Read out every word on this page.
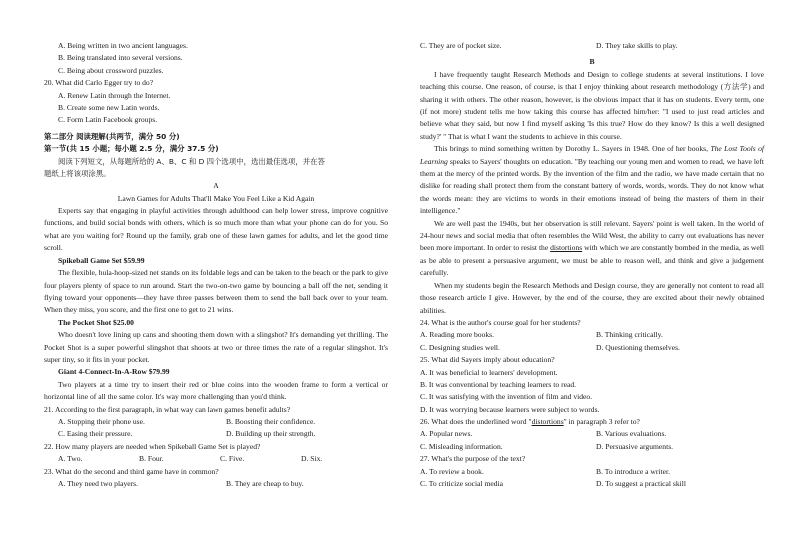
A. Being written in two ancient languages.
B. Being translated into several versions.
C. Being about crossword puzzles.
20. What did Carlo Egger try to do?
A. Renew Latin through the Internet.
B. Create some new Latin words.
C. Form Latin Facebook groups.
第二部分 阅读理解(共两节，满分 50 分)
第一节(共 15 小题；每小题 2.5 分，满分 37.5 分)
阅读下列短文，从每题所给的 A、B、C 和 D 四个选项中，选出最佳选项，并在答
题纸上将该项涂黑。
A
Lawn Games for Adults That'll Make You Feel Like a Kid Again
Experts say that engaging in playful activities through adulthood can help lower stress, improve cognitive functions, and build social bonds with others, which is so much more than what your phone can do for you. So what are you waiting for? Round up the family, grab one of these lawn games for adults, and let the good time scroll.
Spikeball Game Set $59.99
The flexible, hula-hoop-sized net stands on its foldable legs and can be taken to the beach or the park to give four players plenty of space to run around. Start the two-on-two game by bouncing a ball off the net, sending it flying toward your opponents—they have three passes between them to send the ball back over to your team. When they miss, you score, and the first one to get to 21 wins.
The Pocket Shot $25.00
Who doesn't love lining up cans and shooting them down with a slingshot? It's demanding yet thrilling. The Pocket Shot is a super powerful slingshot that shoots at two or three times the rate of a regular slingshot. It's super tiny, so it fits in your pocket.
Giant 4-Connect-In-A-Row $79.99
Two players at a time try to insert their red or blue coins into the wooden frame to form a vertical or horizontal line of all the same color. It's way more challenging than you'd think.
21. According to the first paragraph, in what way can lawn games benefit adults?
A. Stopping their phone use.	B. Boosting their confidence.
C. Easing their pressure.	D. Building up their strength.
22. How many players are needed when Spikeball Game Set is played?
A. Two.	B. Four.	C. Five.	D. Six.
23. What do the second and third game have in common?
A. They need two players.	B. They are cheap to buy.
C. They are of pocket size.	D. They take skills to play.
B
I have frequently taught Research Methods and Design to college students at several institutions. I love teaching this course. One reason, of course, is that I enjoy thinking about research methodology (方法学) and sharing it with others. The other reason, however, is the obvious impact that it has on students. Every term, one (if not more) student tells me how taking this course has affected him/her: "I used to just read articles and believe what they said, but now I find myself asking 'Is this true? How do they know? Is this a well designed study?' " That is what I want the students to achieve in this course.
This brings to mind something written by Dorothy L. Sayers in 1948. One of her books, The Lost Tools of Learning speaks to Sayers' thoughts on education. "By teaching our young men and women to read, we have left them at the mercy of the printed words. By the invention of the film and the radio, we have made certain that no dislike for reading shall protect them from the constant battery of words, words, words. They do not know what the words mean: they are victims to words in their emotions instead of being the masters of them in their intelligence."
We are well past the 1940s, but her observation is still relevant. Sayers' point is well taken. In the world of 24-hour news and social media that often resembles the Wild West, the ability to carry out evaluations has never been more important. In order to resist the distortions with which we are constantly bombed in the media, as well as be able to present a persuasive argument, we must be able to reason well, and think and give a judgement carefully.
When my students begin the Research Methods and Design course, they are generally not content to read all those research article I give. However, by the end of the course, they are excited about their newly obtained abilities.
24. What is the author's course goal for her students?
A. Reading more books.	B. Thinking critically.
C. Designing studies well.	D. Questioning themselves.
25. What did Sayers imply about education?
A. It was beneficial to learners' development.
B. It was conventional by teaching learners to read.
C. It was satisfying with the invention of film and video.
D. It was worrying because learners were subject to words.
26. What does the underlined word "distortions" in paragraph 3 refer to?
A. Popular news.	B. Various evaluations.
C. Misleading information.	D. Persuasive arguments.
27. What's the purpose of the text?
A. To review a book.	B. To introduce a writer.
C. To criticize social media	D. To suggest a practical skill
